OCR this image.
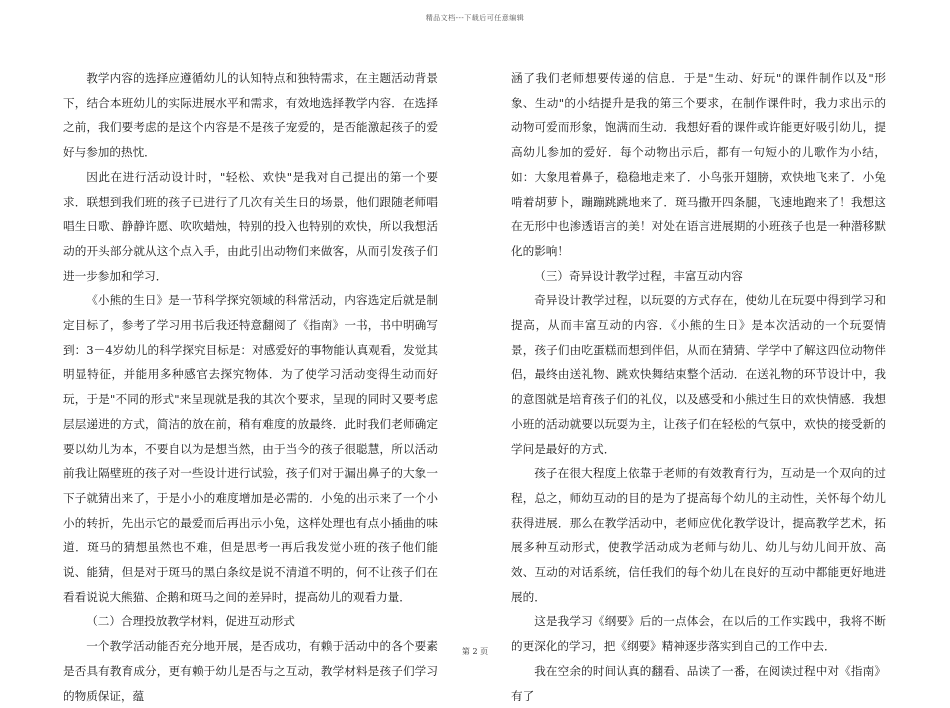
精品文档---下载后可任意编辑

教学内容的选择应遵循幼儿的认知特点和独特需求，在主题活动背景下，结合本班幼儿的实际进展水平和需求，有效地选择教学内容．在选择之前，我们要考虑的是这个内容是不是孩子宠爱的，是否能激起孩子的爱好与参加的热忱．

因此在进行活动设计时，"轻松、欢快"是我对自己提出的第一个要求．联想到我们班的孩子已进行了几次有关生日的场景，他们跟随老师唱唱生日歌、静静许愿、吹吹蜡烛，特别的投入也特别的欢快，所以我想活动的开头部分就从这个点入手，由此引出动物们来做客，从而引发孩子们进一步参加和学习．

《小熊的生日》是一节科学探究领域的科常活动，内容选定后就是制定目标了，参考了学习用书后我还特意翻阅了《指南》一书，书中明确写到：3－4岁幼儿的科学探究目标是：对感爱好的事物能认真观看，发觉其明显特征，并能用多种感官去探究物体．为了使学习活动变得生动而好玩，于是"不同的形式"来呈现就是我的其次个要求，呈现的同时又要考虑层层递进的方式，简洁的放在前，稍有难度的放最终．此时我们老师确定要以幼儿为本，不要自以为是想当然，由于当今的孩子很聪慧，所以活动前我让隔壁班的孩子对一些设计进行试验，孩子们对于漏出鼻子的大象一下子就猜出来了，于是小小的难度增加是必需的．小兔的出示来了一个小小的转折，先出示它的最爱而后再出示小兔，这样处理也有点小插曲的味道．斑马的猜想虽然也不难，但是思考一再后我发觉小班的孩子他们能说、能猜，但是对于斑马的黑白条纹是说不清道不明的，何不让孩子们在看看说说大熊猫、企鹅和斑马之间的差异时，提高幼儿的观看力量．

（二）合理投放教学材料，促进互动形式

一个教学活动能否充分地开展，是否成功，有赖于活动中的各个要素是否具有教育成分，更有赖于幼儿是否与之互动，教学材料是孩子们学习的物质保证，蕴

涵了我们老师想要传递的信息．于是"生动、好玩"的课件制作以及"形象、生动"的小结提升是我的第三个要求，在制作课件时，我力求出示的动物可爱而形象，饱满而生动．我想好看的课件或许能更好吸引幼儿，提高幼儿参加的爱好．每个动物出示后，都有一句短小的儿歌作为小结，如：大象甩着鼻子，稳稳地走来了．小鸟张开翅膀，欢快地飞来了．小兔啃着胡萝卜，蹦蹦跳跳地来了．斑马撒开四条腿，飞速地跑来了！我想这在无形中也渗透语言的美！对处在语言进展期的小班孩子也是一种潜移默化的影响！

（三）奇异设计教学过程，丰富互动内容

奇异设计教学过程，以玩耍的方式存在，使幼儿在玩耍中得到学习和提高，从而丰富互动的内容．《小熊的生日》是本次活动的一个玩耍情景，孩子们由吃蛋糕而想到伴侣，从而在猜猜、学学中了解这四位动物伴侣，最终由送礼物、跳欢快舞结束整个活动．在送礼物的环节设计中，我的意图就是培育孩子们的礼仪，以及感受和小熊过生日的欢快情感．我想小班的活动就要以玩耍为主，让孩子们在轻松的气氛中，欢快的接受新的学问是最好的方式．

孩子在很大程度上依靠于老师的有效教育行为，互动是一个双向的过程，总之，师幼互动的目的是为了提高每个幼儿的主动性，关怀每个幼儿获得进展．那么在教学活动中，老师应优化教学设计，提高教学艺术，拓展多种互动形式，使教学活动成为老师与幼儿、幼儿与幼儿间开放、高效、互动的对话系统，信任我们的每个幼儿在良好的互动中都能更好地进展的．

这是我学习《纲要》后的一点体会，在以后的工作实践中，我将不断的更深化的学习，把《纲要》精神逐步落实到自己的工作中去．

我在空余的时间认真的翻看、品读了一番，在阅读过程中对《指南》有了

第 2 页
